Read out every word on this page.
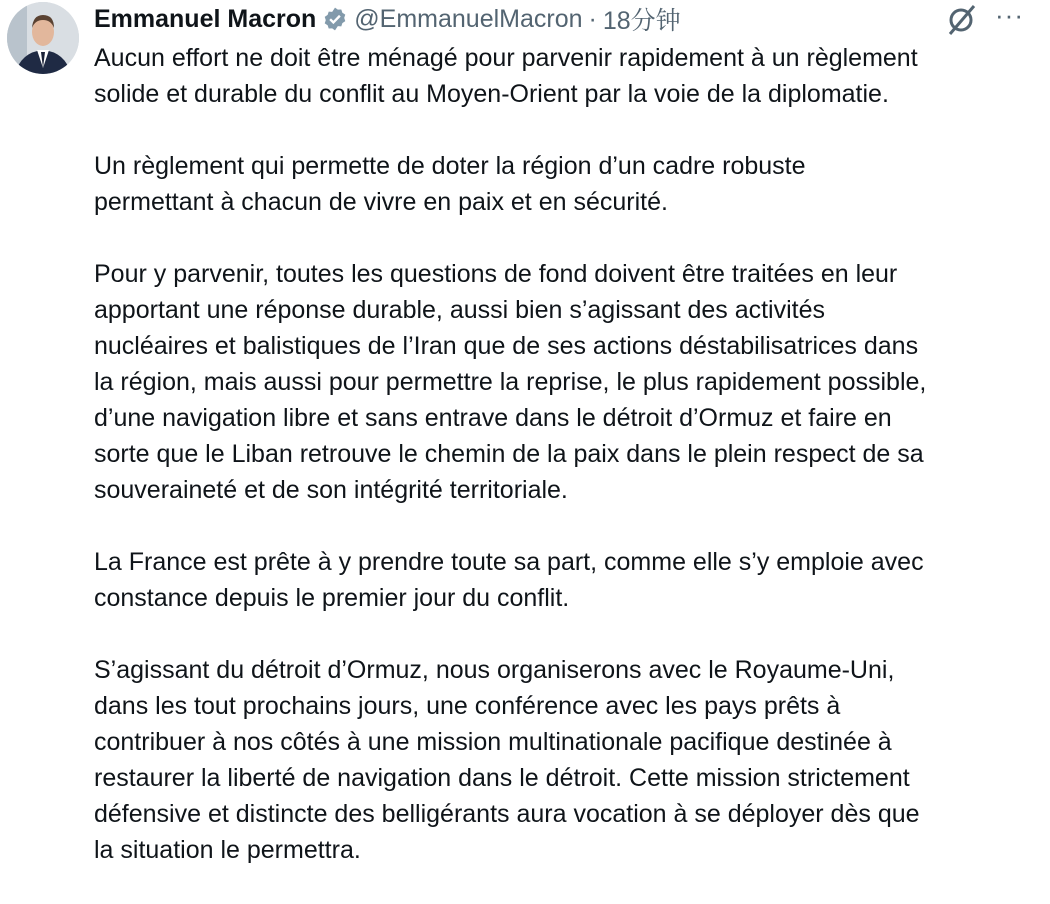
Emmanuel Macron @EmmanuelMacron · 18分钟	···
Aucun effort ne doit être ménagé pour parvenir rapidement à un règlement
solide et durable du conflit au Moyen-Orient par la voie de la diplomatie.
Un règlement qui permette de doter la région d’un cadre robuste
permettant à chacun de vivre en paix et en sécurité.
Pour y parvenir, toutes les questions de fond doivent être traitées en leur
apportant une réponse durable, aussi bien s’agissant des activités
nucléaires et balistiques de l’Iran que de ses actions déstabilisatrices dans
la région, mais aussi pour permettre la reprise, le plus rapidement possible,
d’une navigation libre et sans entrave dans le détroit d’Ormuz et faire en
sorte que le Liban retrouve le chemin de la paix dans le plein respect de sa
souveraineté et de son intégrité territoriale.
La France est prête à y prendre toute sa part, comme elle s’y emploie avec
constance depuis le premier jour du conflit.
S’agissant du détroit d’Ormuz, nous organiserons avec le Royaume-Uni,
dans les tout prochains jours, une conférence avec les pays prêts à
contribuer à nos côtés à une mission multinationale pacifique destinée à
restaurer la liberté de navigation dans le détroit. Cette mission strictement
défensive et distincte des belligérants aura vocation à se déployer dès que
la situation le permettra.
